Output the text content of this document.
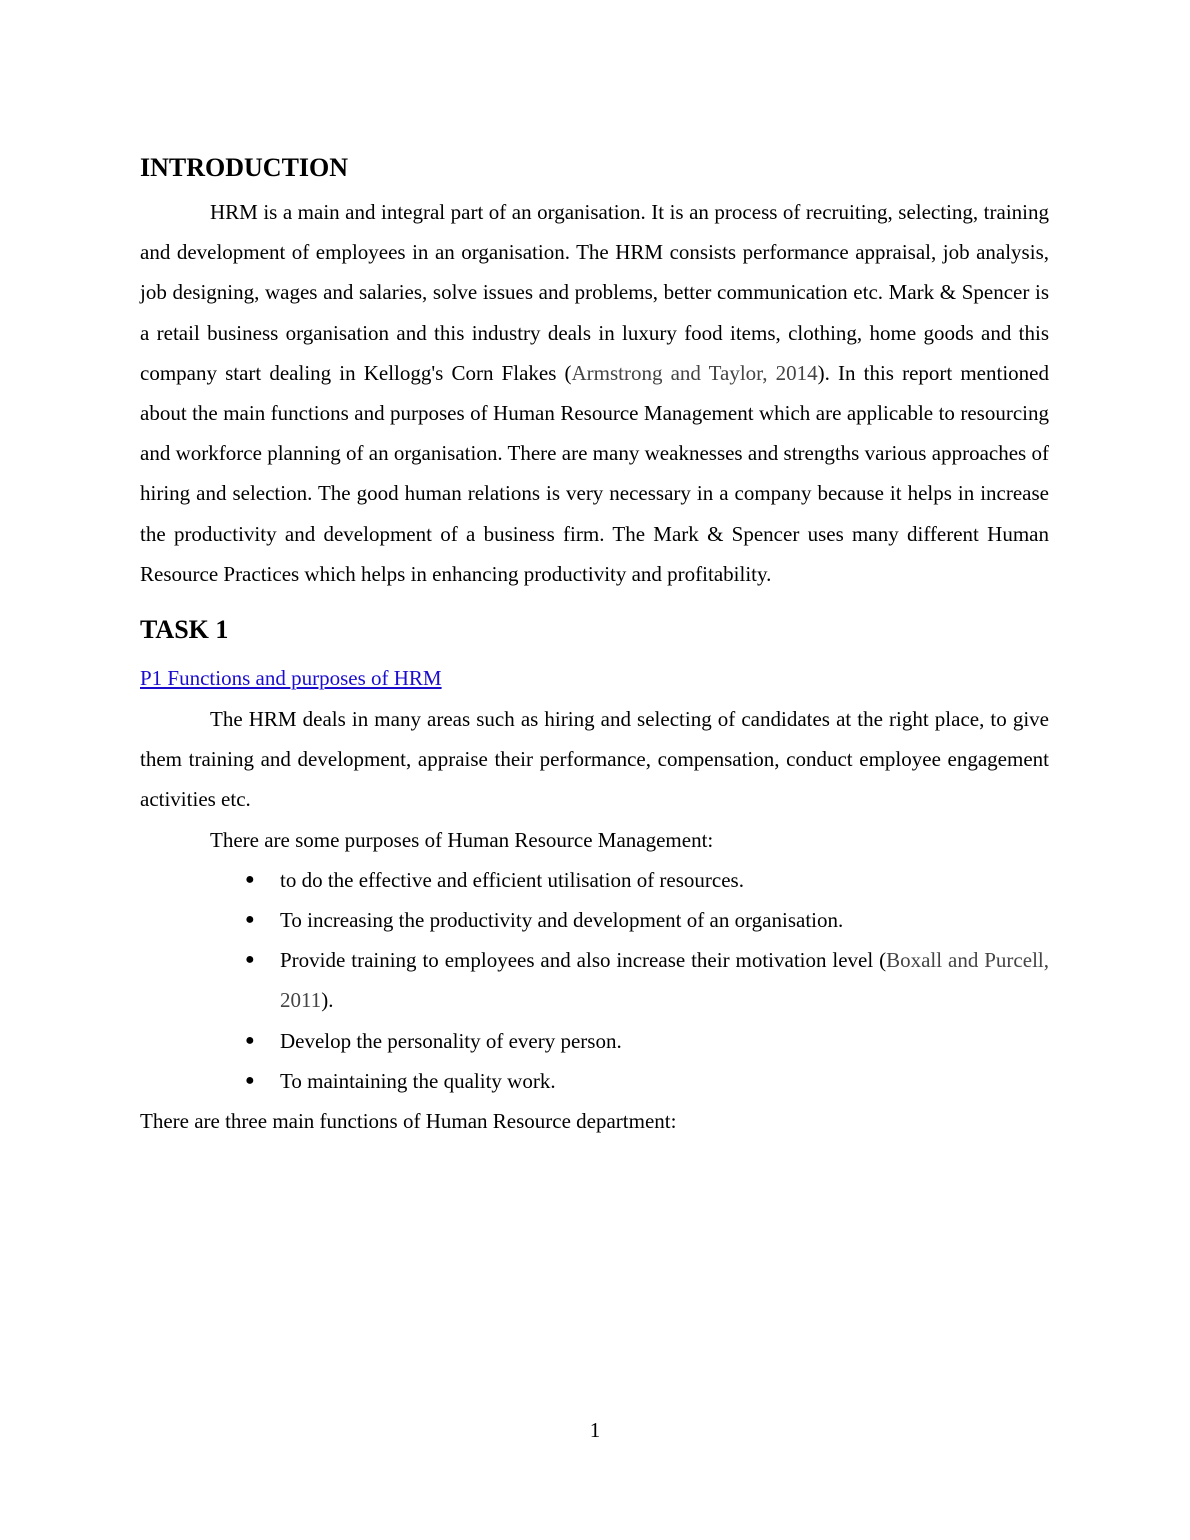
INTRODUCTION

HRM is a main and integral part of an organisation. It is an process of recruiting, selecting, training and development of employees in an organisation. The HRM consists performance appraisal, job analysis, job designing, wages and salaries, solve issues and problems, better communication etc. Mark & Spencer is a retail business organisation and this industry deals in luxury food items, clothing, home goods and this company start dealing in Kellogg's Corn Flakes (Armstrong and Taylor, 2014). In this report mentioned about the main functions and purposes of Human Resource Management which are applicable to resourcing and workforce planning of an organisation. There are many weaknesses and strengths various approaches of hiring and selection. The good human relations is very necessary in a company because it helps in increase the productivity and development of a business firm. The Mark & Spencer uses many different Human Resource Practices which helps in enhancing productivity and profitability.

TASK 1
P1 Functions and purposes of HRM

The HRM deals in many areas such as hiring and selecting of candidates at the right place, to give them training and development, appraise their performance, compensation, conduct employee engagement activities etc.

There are some purposes of Human Resource Management:

● to do the effective and efficient utilisation of resources.
● To increasing the productivity and development of an organisation.
● Provide training to employees and also increase their motivation level (Boxall and Purcell, 2011).
● Develop the personality of every person.
● To maintaining the quality work.

There are three main functions of Human Resource department:

1
